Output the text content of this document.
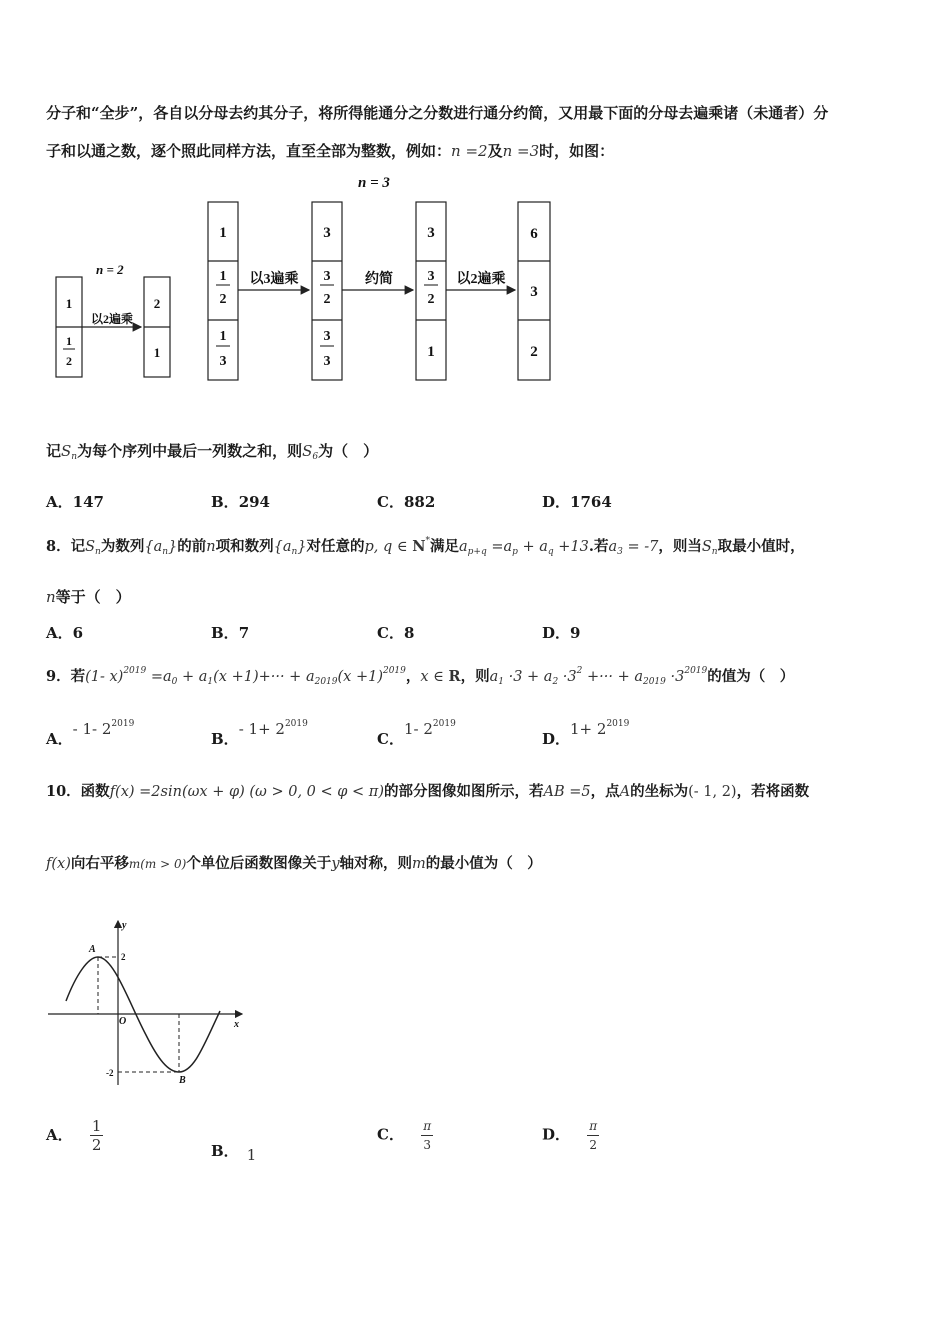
分子和“全步”，各自以分母去约其分子，将所得能通分之分数进行通分约简，又用最下面的分母去遍乘诸（未通者）分
子和以通之数，逐个照此同样方法，直至全部为整数，例如：n =2及n =3时，如图：
n = 3
n = 2
1
1
2
以2遍乘
2
1
1
1
2
1
3
以3遍乘
3
3
2
3
3
约简
3
3
2
1
以2遍乘
6
3
2
记$S_n$为每个序列中最后一列数之和，则$S_6$为（　）
A．147	B．294	C．882	D．1764
8．记$S_n$为数列$\{a_n\}$的前n项和数列$\{a_n\}$对任意的p, q ∈ N*满足$a_{p+q} =a_p + a_q +13$.若$a_3 = -7$，则当$S_n$取最小值时，
n等于（　）
A．6	B．7	C．8	D．9
9．若(1- $x)^{2019} =a_0 + a_1(x +1)+\cdot\cdot\cdot + a_{2019}(x +1)^{2019}$，x ∈ R，则$a_1 \cdot 3 + a_2 \cdot 3^2$ +··· + $a_{2019} \cdot 3^{2019}$的值为（　）
A．- 1- $2^{2019}$
B．- $1+ 2^{2019}$
C．1- $2^{2019}$
D．$1+ 2^{2019}$
10．函数f(x) =2sin(ωx + φ) (ω > 0, 0 < φ < π)的部分图像如图所示，若AB =5，点A的坐标为(- 1, 2)，若将函数
f(x)向右平移m(m > 0)个单位后函数图像关于y轴对称，则m的最小值为（　）
A
B
O	x
y
2
-2
A． $\frac{1}{2}$	B． 1
C． $\frac{\pi}{3}$	D． $\frac{\pi}{2}$
